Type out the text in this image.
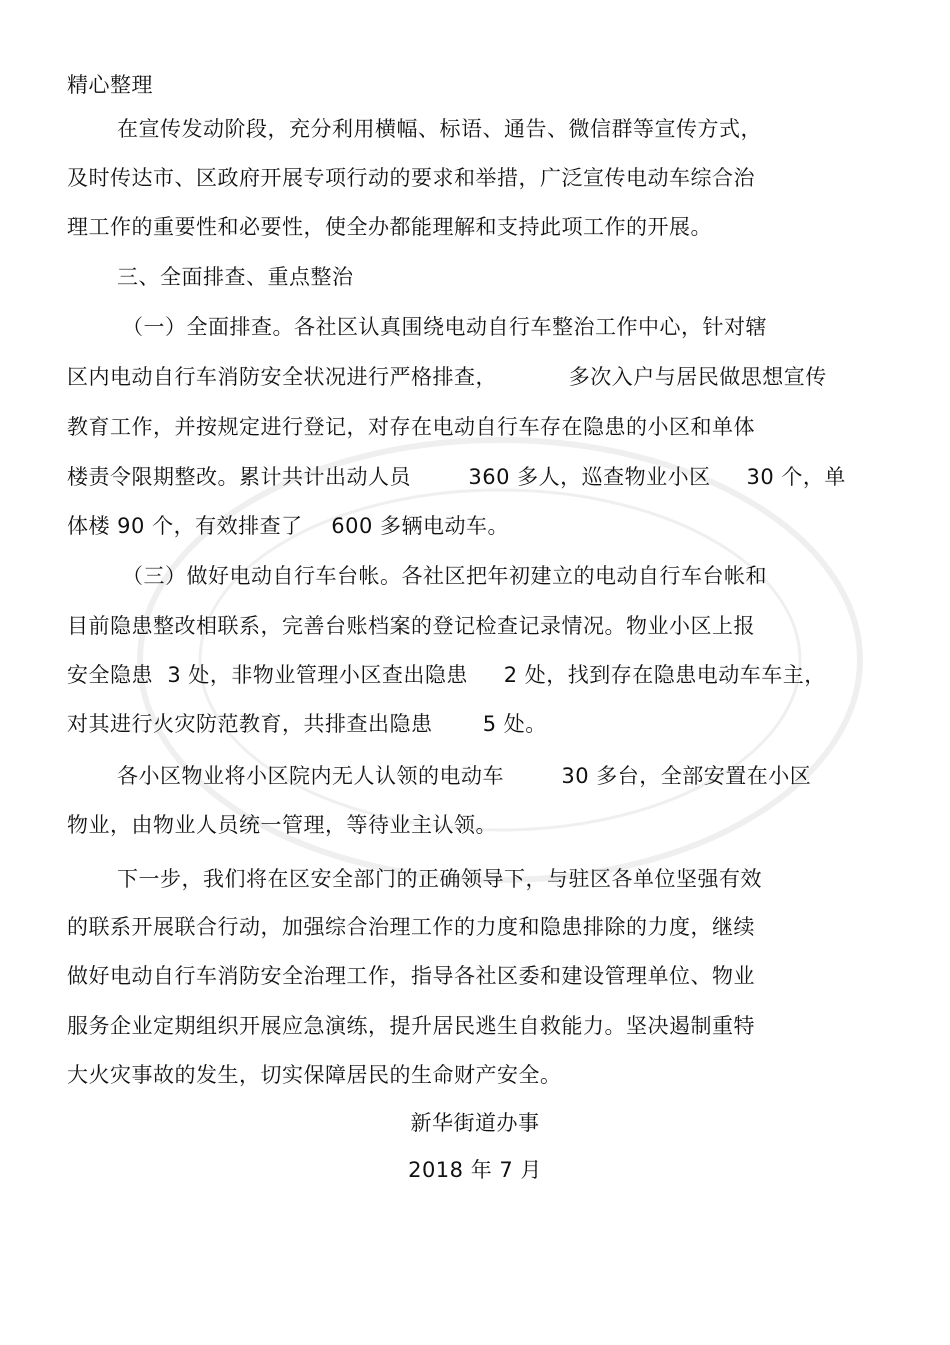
精心整理
在宣传发动阶段，充分利用横幅、标语、通告、微信群等宣传方式，
及时传达市、区政府开展专项行动的要求和举措，广泛宣传电动车综合治
理工作的重要性和必要性，使全办都能理解和支持此项工作的开展。
三、全面排查、重点整治
（一）全面排查。各社区认真围绕电动自行车整治工作中心，针对辖
区内电动自行车消防安全状况进行严格排查，          多次入户与居民做思想宣传
教育工作，并按规定进行登记，对存在电动自行车存在隐患的小区和单体
楼责令限期整改。累计共计出动人员        360 多人，巡查物业小区     30 个，单
体楼 90 个，有效排查了    600 多辆电动车。
（三）做好电动自行车台帐。各社区把年初建立的电动自行车台帐和
目前隐患整改相联系，完善台账档案的登记检查记录情况。物业小区上报
安全隐患  3 处，非物业管理小区查出隐患     2 处，找到存在隐患电动车车主，
对其进行火灾防范教育，共排查出隐患       5 处。
各小区物业将小区院内无人认领的电动车        30 多台，全部安置在小区
物业，由物业人员统一管理，等待业主认领。
下一步，我们将在区安全部门的正确领导下，与驻区各单位坚强有效
的联系开展联合行动，加强综合治理工作的力度和隐患排除的力度，继续
做好电动自行车消防安全治理工作，指导各社区委和建设管理单位、物业
服务企业定期组织开展应急演练，提升居民逃生自救能力。坚决遏制重特
大火灾事故的发生，切实保障居民的生命财产安全。
新华街道办事
2018 年 7 月
